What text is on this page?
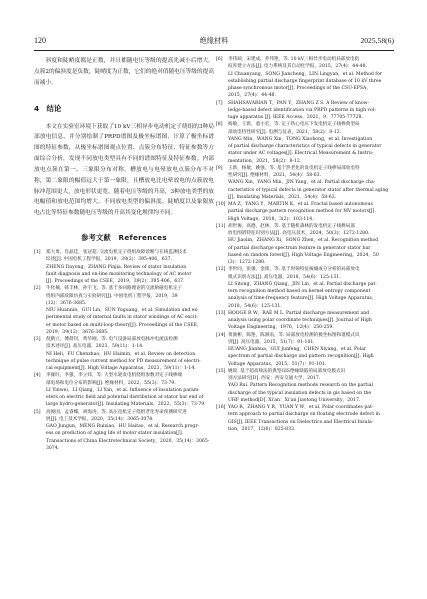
120	绝缘材料	2025,58(6)

斜度和陡峭度都是正数，并且都随电压等级的提高先减小后增大。点簇2的偏斜度是负数，陡峭度为正数，它们的绝对值随电压等级的提高而减小。

4　结论

本文在实验室环境下获取了10 kV三相异步电动机定子绕组的3种局部放电信息，并分别绘制了PRPD谱图及极坐标谱图，计算了极坐标谱图的特征参数，从极坐标谱图观点位置、点簇分布特征、特征参数等方面综合分析，发现不同放电类型具有不同的谱图特征及特征参数。内部放电点簇在第一、三象限分布对称，槽放电与电晕放电点簇分布不对称，第二象限的幅值远大于第一象限，且槽放电比电晕放电的点簇放电脉冲范围更大，放电形状更宽。随着电压等级的升高，3种放电类型的放电幅值和放电范围均增大。不同放电类型的偏斜度、陡峭度以及象限放电占比等特征参数随电压等级的升高其变化规律均不同。

参考文献　References
[1] 郑大勇，肖晶佳，张冠超. 交流电机定子绕组故障诊断与在线监测技术
综述[J]. 中国电机工程学报，2019，39(2)：395-406，637.
ZHENG Dayong，ZHANG Pinjia. Review of stator insulation
fault diagnosis and on-line monitoring technology of AC motor
[J]. Proceedings of the CSEE，2019，39(2)：395-406，637.
[2] 牛化楠，韩丰林，孙宇飞，等. 基于多回路理论的交流励磁电机定子
绕组内部故障仿真与实验研究[J]. 中国电机工程学报，2019，39
(12)：3676-3685.
NIU Huannin，GUI Lin，SUN Yuguang，et al. Simulation and ex-
perimental study of internal faults in stator windings of AC excit-
er motor based on multi-loop theory[J]. Proceedings of the CSEE，
2019，39(12)：3676-3685.
[3] 倪鹤立，傅晨钊，黄华刚，等. 电气设备局部放电脉冲电流法检测
技术述评[J]. 高压电器，2023，59(11)：1-14.
NI Heli，FU Chenzhao，HU Haimin，et al. Review on detection
technique of pulse current method for PD measurement of electri-
cal equipment[J]. High Voltage Apparatus，2023，59(11)：1-14.
[4] 李雍旺，李强，李立炜，等. 大型水轮发电机绕组参数对定子线棒端
部电场和电位分布的影响[J]. 绝缘材料，2022，55(3)：73-79.
LI Yinwei，LI Qiang，LI Yan，et al. Influence of insulation param-
eters on electric field and potential distribution at stator bar end of
large hydro-generator[J]. Insulating Materials，2022，55(3)：73-79.
[5] 高俊国，孟睿娜，胡海涛，等. 高压电机定子绕组老化寿命预测研究进
展[J]. 电工技术学报，2020，35(14)：3065-3074.
GAO Jungun，MENG Ruixiao，HU Haitao，et al. Research progr-
ess on prediction of aging life of motor stator insulation[J].
Transactions of China Electrotechnical Society，2020，35(14)：3065-
3074.
[6] 李伟硕，宋建成，乔伟艳，等. 10 kV三相异步电动机局部放电指
纹库建立方法[J]. 电力系统及其自动化学报，2015，27(4)：44-48.
LI Chuanyang，SONG Jiancheng，LIN Lingyan，et al. Method for
establishing partial discharge fingerprint database of 10 kV three
phase synchronous motor[J]. Proceedings of the CSU-EPSA，
2015，27(4)：44-48.
[7] SHAHSAVARIAN T，PAN Y，ZHANG Z S. A Review of know-
ledge-based defect identification via PRPD patterns in high vol-
tage apparatus [J]. IEEE Access，2021，9：77705-77728.
[8] 杨敏，王新，童小宏，等. 定子铁心电压下发电机定子线棒典型局
部放电特性研究[J]. 电测与仪表，2021，58(2)：8-12.
YANG Min，WANG Xin，TONG Xiaohong，et al. Investigation
of partial discharge characteristics of typical defects in generator
stator under AC voltages[J]. Electrical Measurement & Instru-
mentation，2021，58(2)：8-12.
[9] 王新，杨敏，姚强，等. 基于热老化的发电机定子线棒局部放电特
性研究[J]. 绝缘材料，2021，54(4)：58-63.
WANG Xin，YANG Min，JIN Yang，et al. Partial discharge cha-
racteristics of typical defects in generator stator after thermal aging
[J]. Insulating Materials，2021，54(4)：58-63.
[10] MA Z，YANG Y，MARTIN K，et al. Fractal based autonomous
partial discharge pattern recognition method for MV motors[J].
High Voltage，2018，3(2)：103-114.
[11] 胡世俊，高德，赵林，等. 基于随机森林的发电机定子线棒局部
放电图谱特征识别方法[J]. 高电压技术，2024，50(3)：1272-1280.
HU Jiaolin，ZHANG Xi，SONG Zhen，et al. Recognition method
of partial discharge spectrum feature in generator stator bar
based on random forest[J]. High Voltage Engineering，2024，50
(3)：1272-1280.
[12] 李世同，张强，金锋，等. 基于时频特征核熵成分分析的局部放电
模式识别方法[J]. 高压电器，2018，54(6)：125-131.
LI Sitong，ZHANG Qiang，JIN Lin，et al. Partial discharge pat-
tern recognition method based on kernel entropy component
analysis of time-frequency feature[J]. High Voltage Apparatus，
2018，54(6)：125-131.
[13] HOOGE R W，RAE M L. Partial discharge measurement and
analysis using polar coordinate techniques[J]. Journal of High
Voltage Engineering，1976，12(4)：250-259.
[14] 黄骏彬，陈艳，陈洲雨，等. 局部放电检测的极坐标图和谱模式识
别[J]. 高压电器，2015，51(7)：91-101.
HUANG Jianhua，GUI Junfeng，CHEN Xiyang，et al. Polar
spectrum of partial discharge and pattern recognition[J]. High
Voltage Apparatus，2015，51(7)：91-101.
[15] 姚锐. 基于超高频法的典型GIS绝缘缺陷的局部放电模式识
别方法研究[D]. 西安：西安交通大学，2017.
YAO Rui. Pattern Recognition methods research on the partial
discharge of the typical insulation defects in gis based on the
UHF method[D]. Xi'an：Xi'an Jiaotong University，2017.
[16] YAO R，ZHANG Y R，YUAN Y W，et al. Polar coordinates pat-
tern approach to partial discharge on floating electrode defect in
GIS[J]. IEEE Transactions on Dielectrics and Electrical Insula-
tion，2017，12(6)：825-833.
